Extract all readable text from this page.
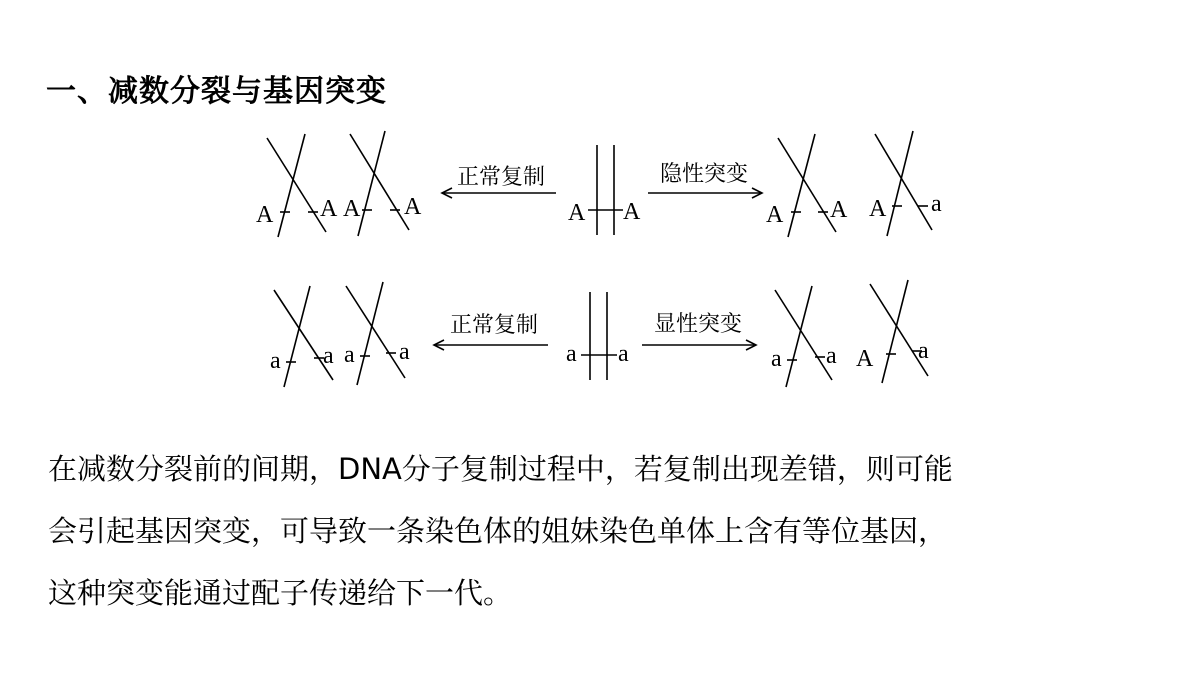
一、减数分裂与基因突变
正常复制	隐性突变
A A A A	A A	A A A a
正常复制	显性突变
a a a a	a a	a a A a
在减数分裂前的间期，DNA分子复制过程中，若复制出现差错，则可能
会引起基因突变，可导致一条染色体的姐妹染色单体上含有等位基因，
这种突变能通过配子传递给下一代。
